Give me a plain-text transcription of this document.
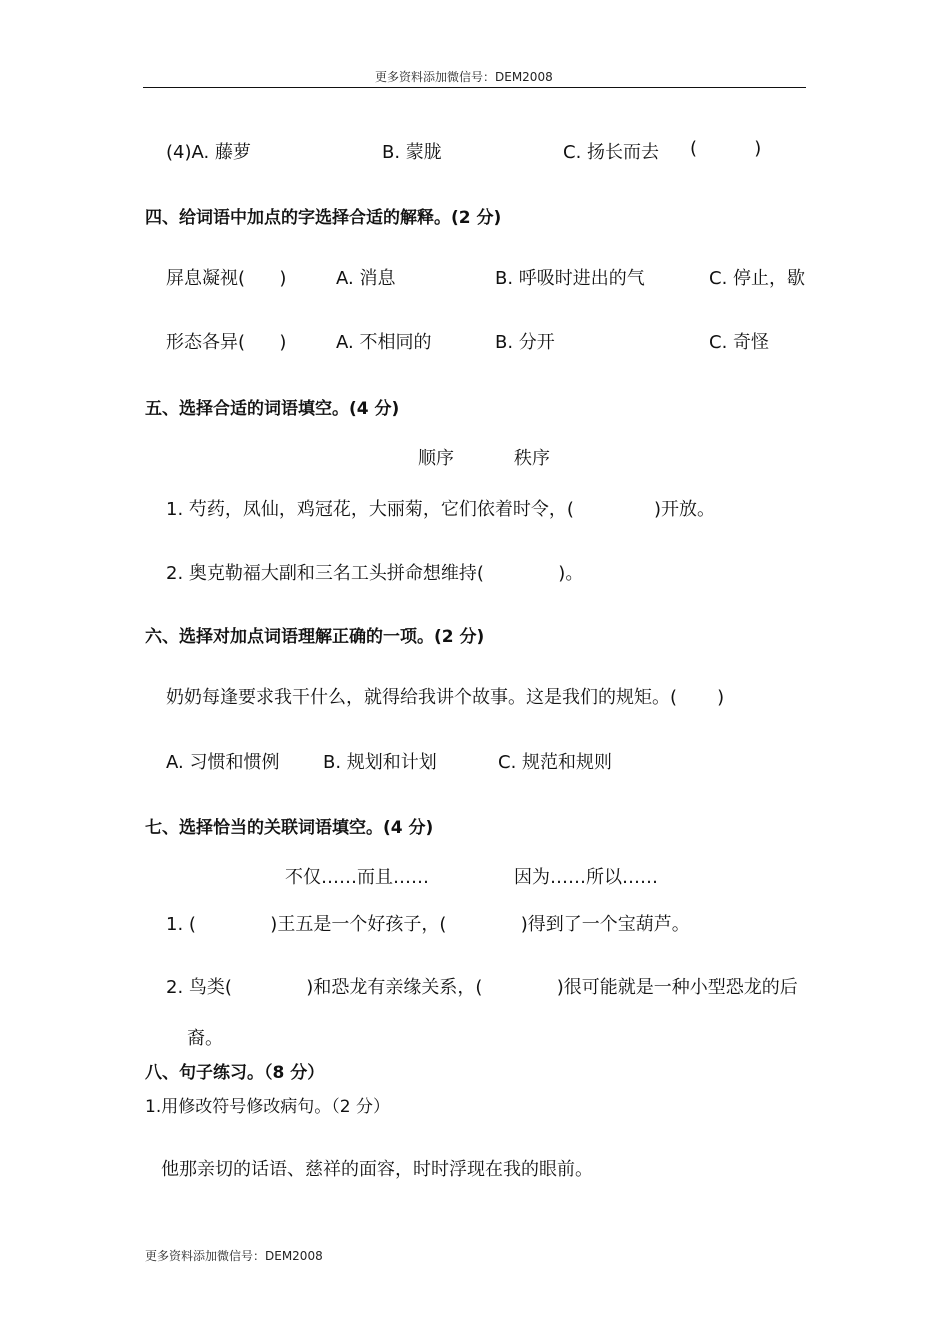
更多资料添加微信号：DEM2008
(4)A. 藤萝	B. 蒙胧	C. 扬长而去 (          )
四、给词语中加点的字选择合适的解释。(2 分)
屏息凝视(      )	A. 消息	B. 呼吸时进出的气	C. 停止，歇
形态各异(      )	A. 不相同的	B. 分开	C. 奇怪
五、选择合适的词语填空。(4 分)
顺序	秩序
1. 芍药，凤仙，鸡冠花，大丽菊，它们依着时令，(              )开放。
2. 奥克勒福大副和三名工头拼命想维持(             )。
六、选择对加点词语理解正确的一项。(2 分)
奶奶每逢要求我干什么，就得给我讲个故事。这是我们的规矩。(       )
A. 习惯和惯例 B. 规划和计划	C. 规范和规则
七、选择恰当的关联词语填空。(4 分)
不仅……而且……	因为……所以……
1. (             )王五是一个好孩子，(             )得到了一个宝葫芦。
2. 鸟类(             )和恐龙有亲缘关系，(             )很可能就是一种小型恐龙的后
裔。
八、句子练习。（8 分）
1.用修改符号修改病句。（2 分）
他那亲切的话语、慈祥的面容，时时浮现在我的眼前。
更多资料添加微信号：DEM2008
